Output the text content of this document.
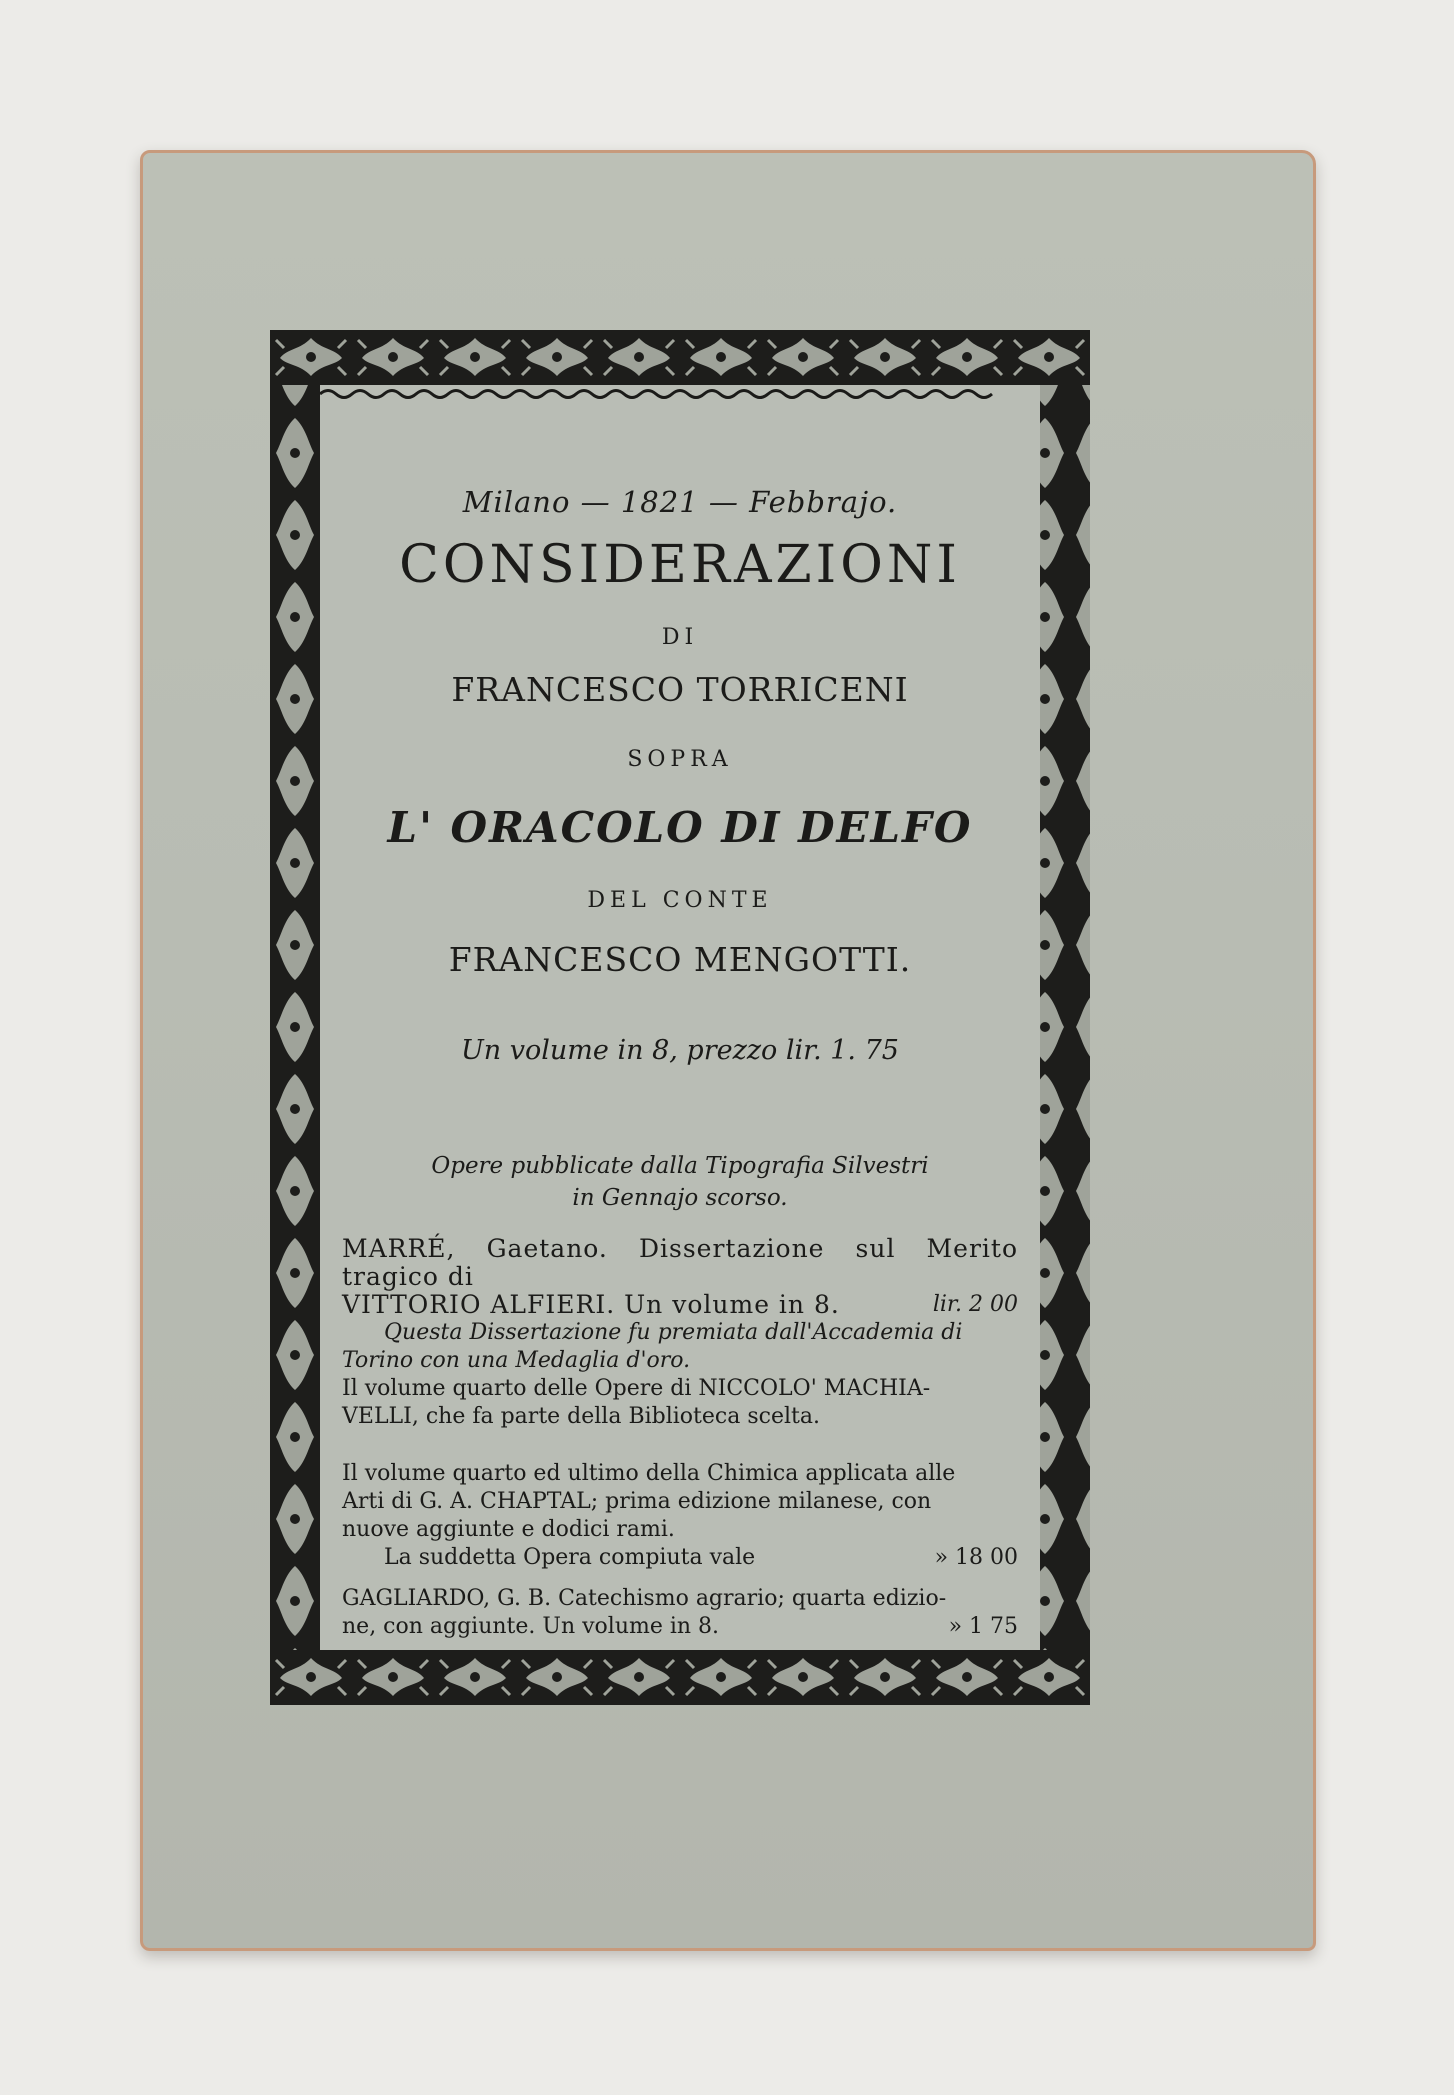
Milano — 1821 — Febbrajo.
CONSIDERAZIONI
DI
FRANCESCO TORRICENI
SOPRA
L' ORACOLO DI DELFO
DEL CONTE
FRANCESCO MENGOTTI.
Un volume in 8, prezzo lir. 1. 75
Opere pubblicate dalla Tipografia Silvestri
in Gennajo scorso.
MARRÉ, Gaetano. Dissertazione sul Merito tragico di
VITTORIO ALFIERI. Un volume in 8.	lir. 2 00
Questa Dissertazione fu premiata dall'Accademia di
Torino con una Medaglia d'oro.
Il volume quarto delle Opere di NICCOLO' MACHIA-
VELLI, che fa parte della Biblioteca scelta.
Il volume quarto ed ultimo della Chimica applicata alle
Arti di G. A. CHAPTAL; prima edizione milanese, con
nuove aggiunte e dodici rami.
La suddetta Opera compiuta vale	» 18 00
GAGLIARDO, G. B. Catechismo agrario; quarta edizio-
ne, con aggiunte. Un volume in 8.	» 1 75
